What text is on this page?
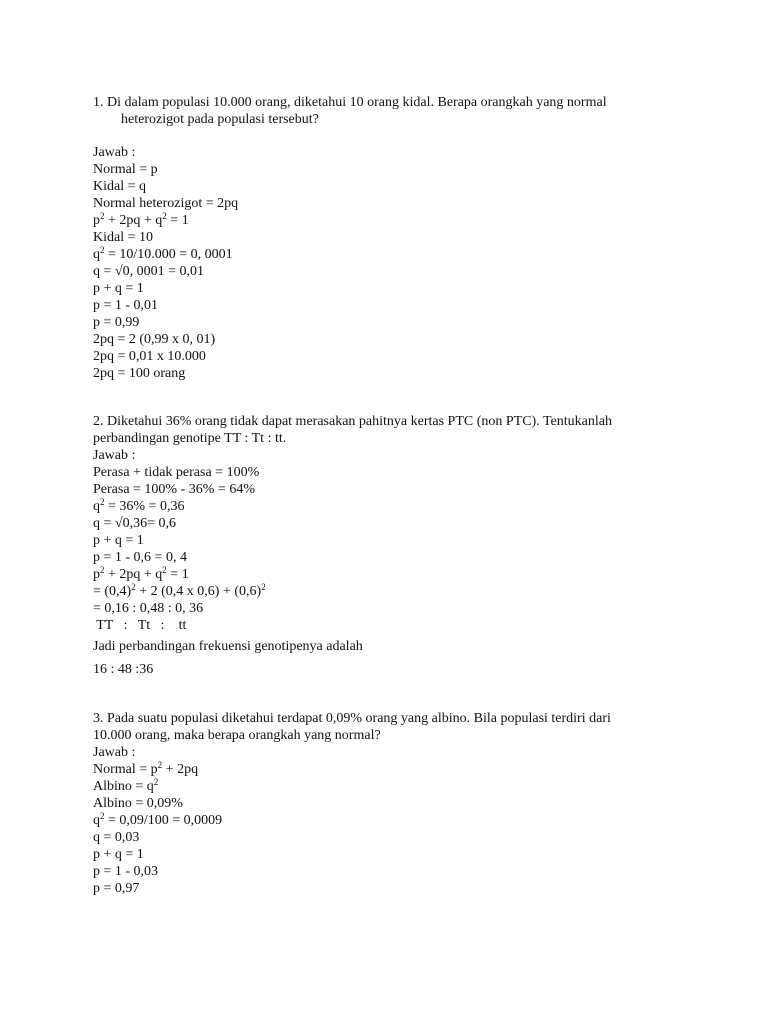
1. Di dalam populasi 10.000 orang, diketahui 10 orang kidal. Berapa orangkah yang normal
heterozigot pada populasi tersebut?
Jawab :
Normal = p
Kidal = q
Normal heterozigot = 2pq
$p^2 + 2pq + q^2 = 1$
Kidal = 10
$q^2 = 10/10.000 = 0$, 0001
q = √0, 0001 = 0,01
p + q = 1
p = 1 - 0,01
p = 0,99
2pq = 2 (0,99 x 0, 01)
2pq = 0,01 x 10.000
2pq = 100 orang
2. Diketahui 36% orang tidak dapat merasakan pahitnya kertas PTC (non PTC). Tentukanlah
perbandingan genotipe TT : Tt : tt.
Jawab :
Perasa + tidak perasa = 100%
Perasa = 100% - 36% = 64%
$q^2 = 36\% = 0,36$
q = √0,36= 0,6
p + q = 1
p = 1 - 0,6 = 0, 4
$p^2 + 2pq + q^2 = 1$
= $(0,4)^2 + 2$ (0,4 x $0,6) + (0,6)^2$
= 0,16 : 0,48 : 0, 36
TT   :   Tt   :    tt
Jadi perbandingan frekuensi genotipenya adalah
16 : 48 :36
3. Pada suatu populasi diketahui terdapat 0,09% orang yang albino. Bila populasi terdiri dari
10.000 orang, maka berapa orangkah yang normal?
Jawab :
Normal = $p^2 + 2pq$
Albino = $q^2$
Albino = 0,09%
$q^2 = 0,09/100 = 0,0009$
q = 0,03
p + q = 1
p = 1 - 0,03
p = 0,97
